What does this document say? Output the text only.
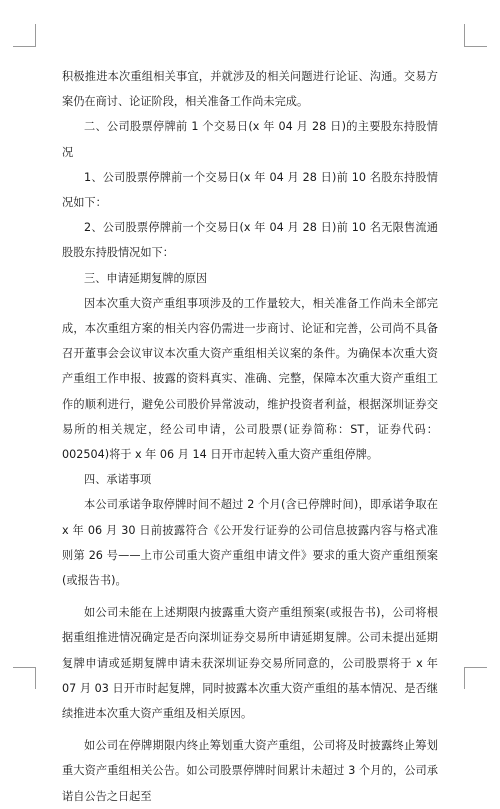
积极推进本次重组相关事宜，并就涉及的相关问题进行论证、沟通。交易方案仍在商讨、论证阶段，相关准备工作尚未完成。

二、公司股票停牌前 1 个交易日(x 年 04 月 28 日)的主要股东持股情况

1、公司股票停牌前一个交易日(x 年 04 月 28 日)前 10 名股东持股情况如下：

2、公司股票停牌前一个交易日(x 年 04 月 28 日)前 10 名无限售流通股股东持股情况如下：

三、申请延期复牌的原因

因本次重大资产重组事项涉及的工作量较大，相关准备工作尚未全部完成，本次重组方案的相关内容仍需进一步商讨、论证和完善，公司尚不具备召开董事会会议审议本次重大资产重组相关议案的条件。为确保本次重大资产重组工作申报、披露的资料真实、准确、完整，保障本次重大资产重组工作的顺利进行，避免公司股价异常波动，维护投资者利益，根据深圳证券交易所的相关规定，经公司申请，公司股票(证券简称：ST，证券代码：002504)将于 x 年 06 月 14 日开市起转入重大资产重组停牌。

四、承诺事项

本公司承诺争取停牌时间不超过 2 个月(含已停牌时间)，即承诺争取在 x 年 06 月 30 日前披露符合《公开发行证券的公司信息披露内容与格式准则第 26 号——上市公司重大资产重组申请文件》要求的重大资产重组预案(或报告书)。

如公司未能在上述期限内披露重大资产重组预案(或报告书)，公司将根据重组推进情况确定是否向深圳证券交易所申请延期复牌。公司未提出延期复牌申请或延期复牌申请未获深圳证券交易所同意的，公司股票将于 x 年 07 月 03 日开市时起复牌，同时披露本次重大资产重组的基本情况、是否继续推进本次重大资产重组及相关原因。

如公司在停牌期限内终止筹划重大资产重组，公司将及时披露终止筹划重大资产重组相关公告。如公司股票停牌时间累计未超过 3 个月的，公司承诺自公告之日起至
